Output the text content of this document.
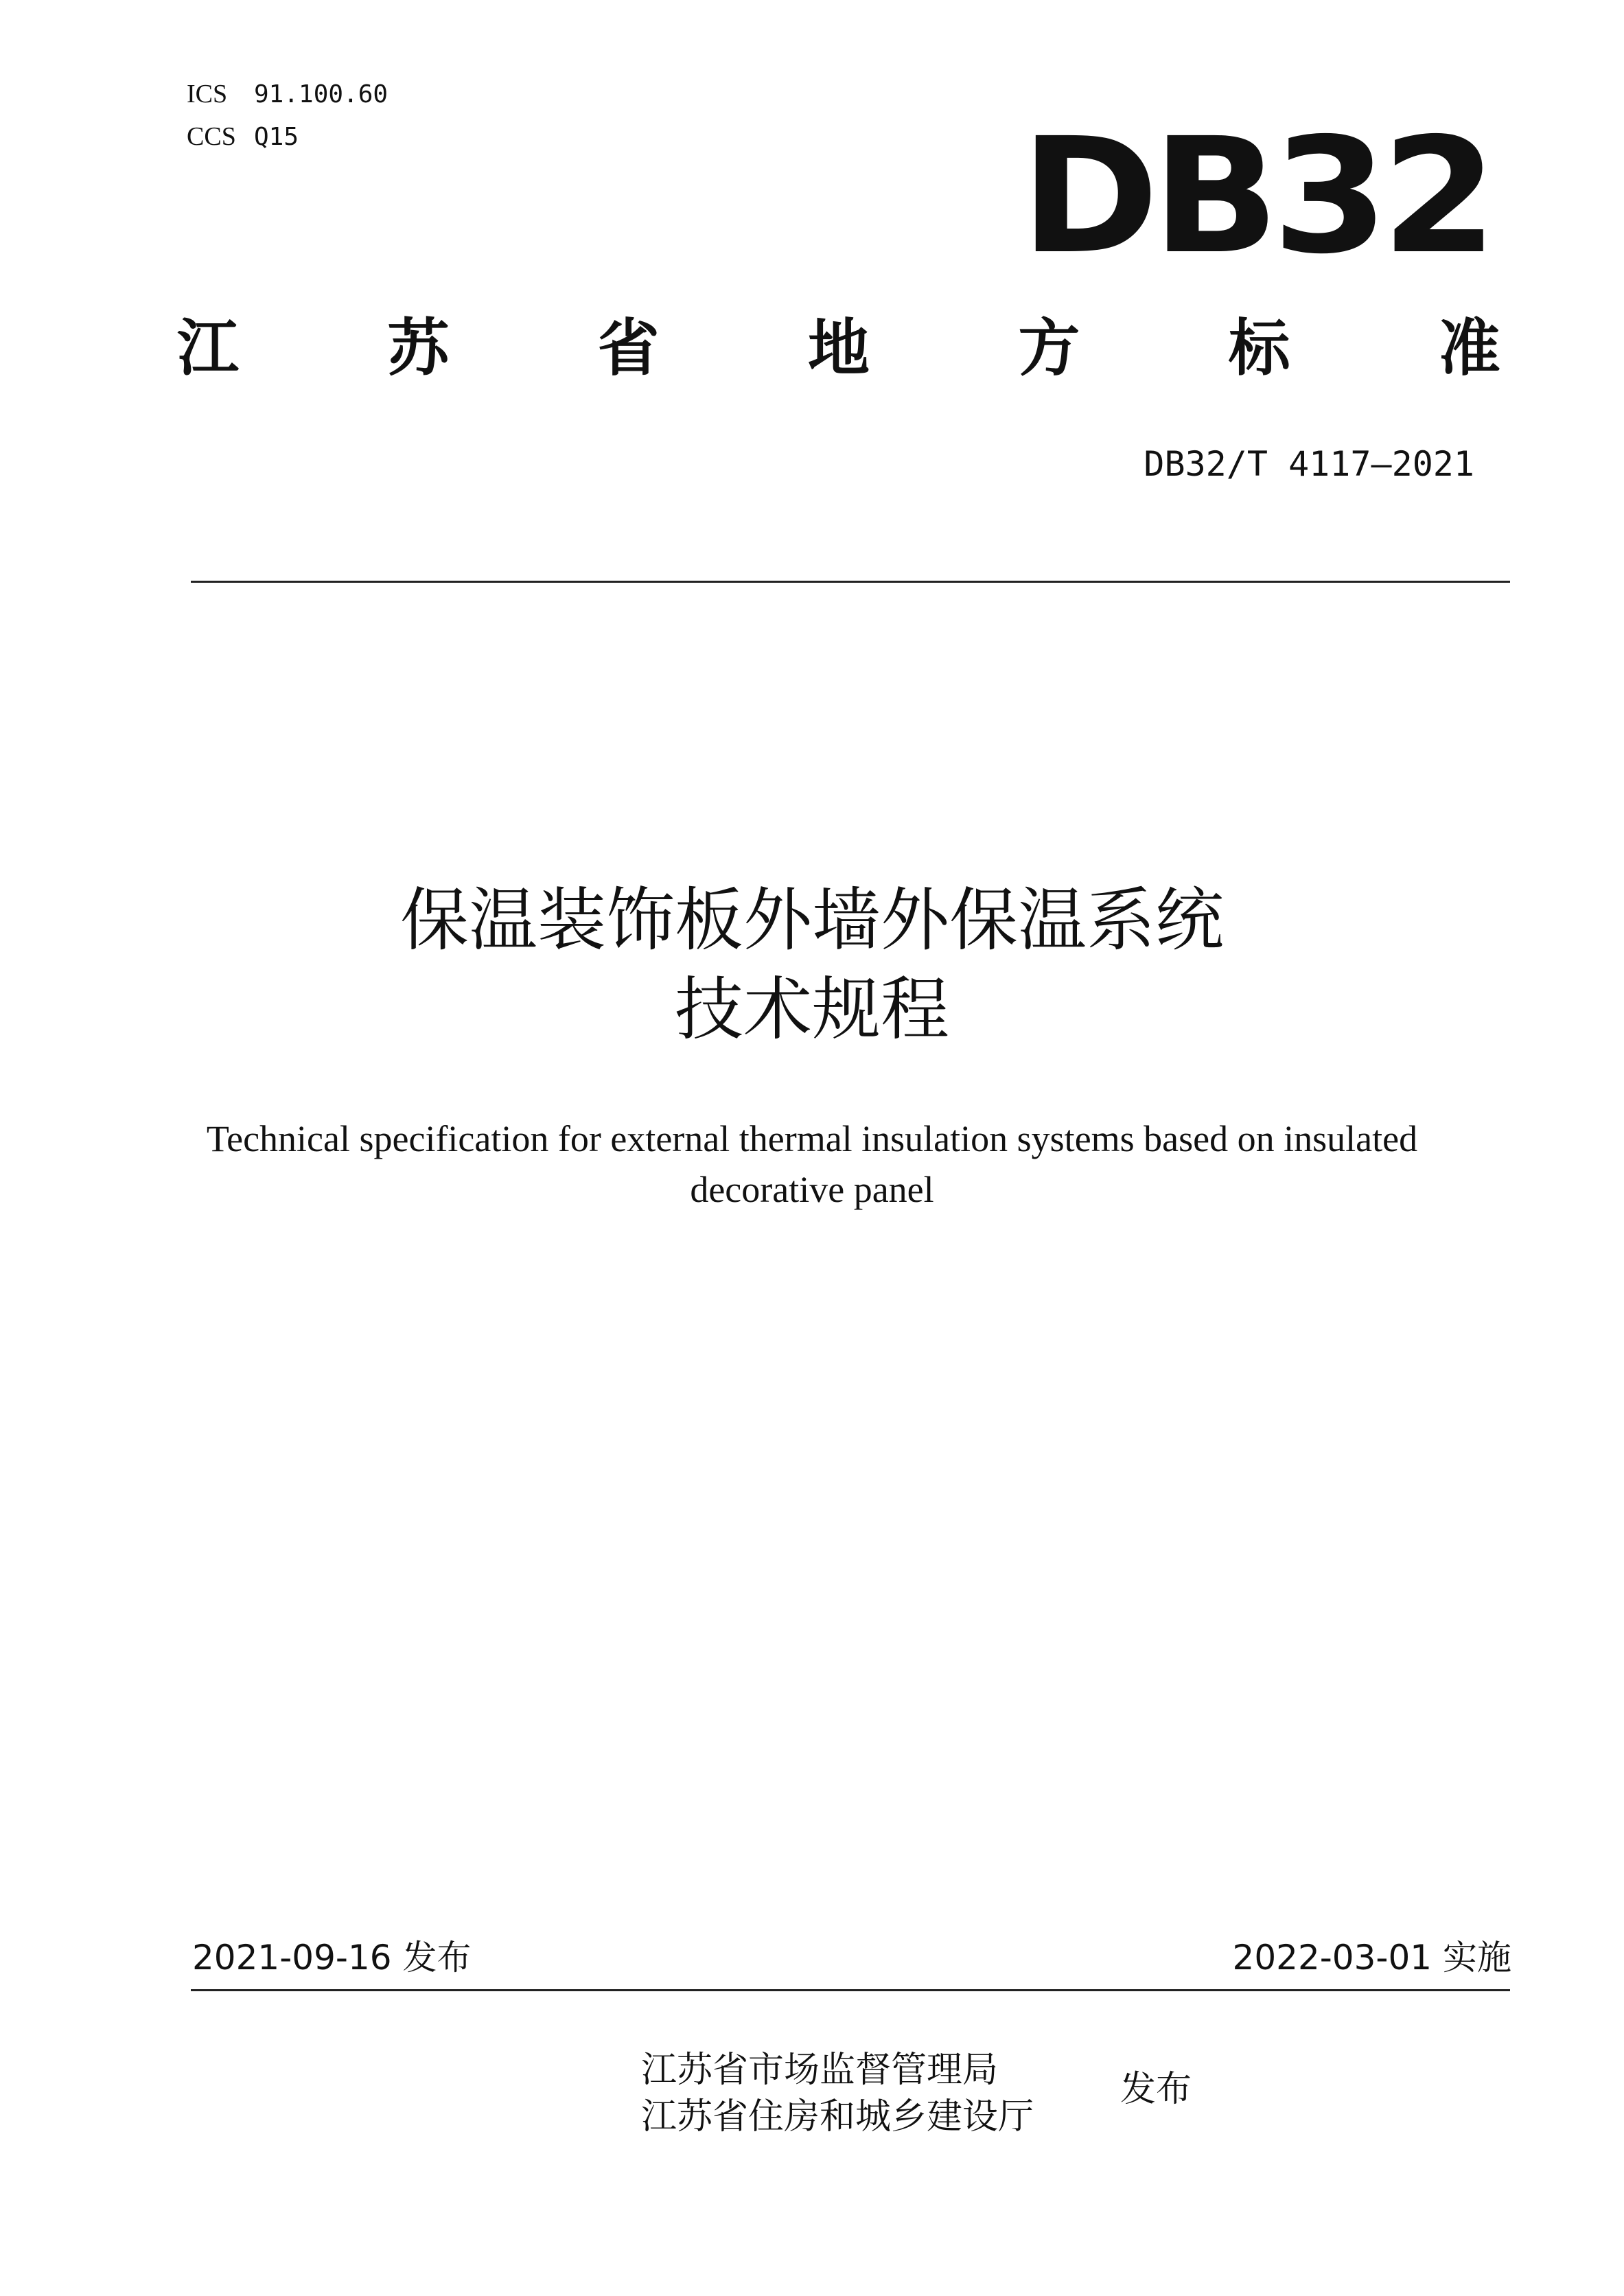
ICS 91.100.60
CCS Q15	DB32
江 苏 省 地 方 标 准
DB32/T 4117—2021
保温装饰板外墙外保温系统
技术规程
Technical specification for external thermal insulation systems based on insulated decorative panel
2021-09-16 发布	2022-03-01 实施
江苏省市场监督管理局
江苏省住房和城乡建设厅
发布
